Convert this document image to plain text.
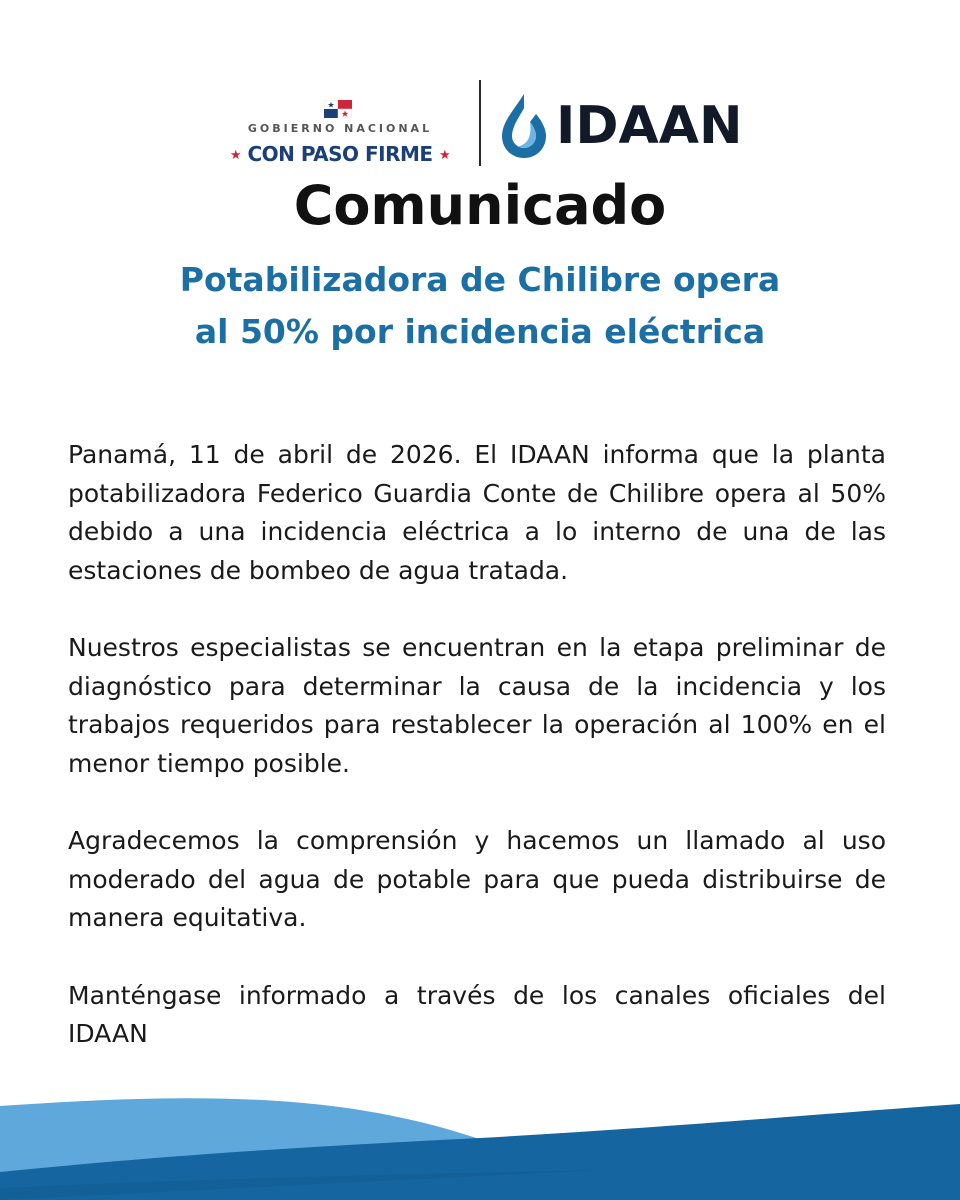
GOBIERNO NACIONAL
★ CON PASO FIRME ★ IDAAN
Comunicado
Potabilizadora de Chilibre opera
al 50% por incidencia eléctrica

Panamá, 11 de abril de 2026. El IDAAN informa que la planta potabilizadora Federico Guardia Conte de Chilibre opera al 50% debido a una incidencia eléctrica a lo interno de una de las estaciones de bombeo de agua tratada.

Nuestros especialistas se encuentran en la etapa preliminar de diagnóstico para determinar la causa de la incidencia y los trabajos requeridos para restablecer la operación al 100% en el menor tiempo posible.

Agradecemos la comprensión y hacemos un llamado al uso moderado del agua de potable para que pueda distribuirse de manera equitativa.

Manténgase informado a través de los canales oficiales del IDAAN
